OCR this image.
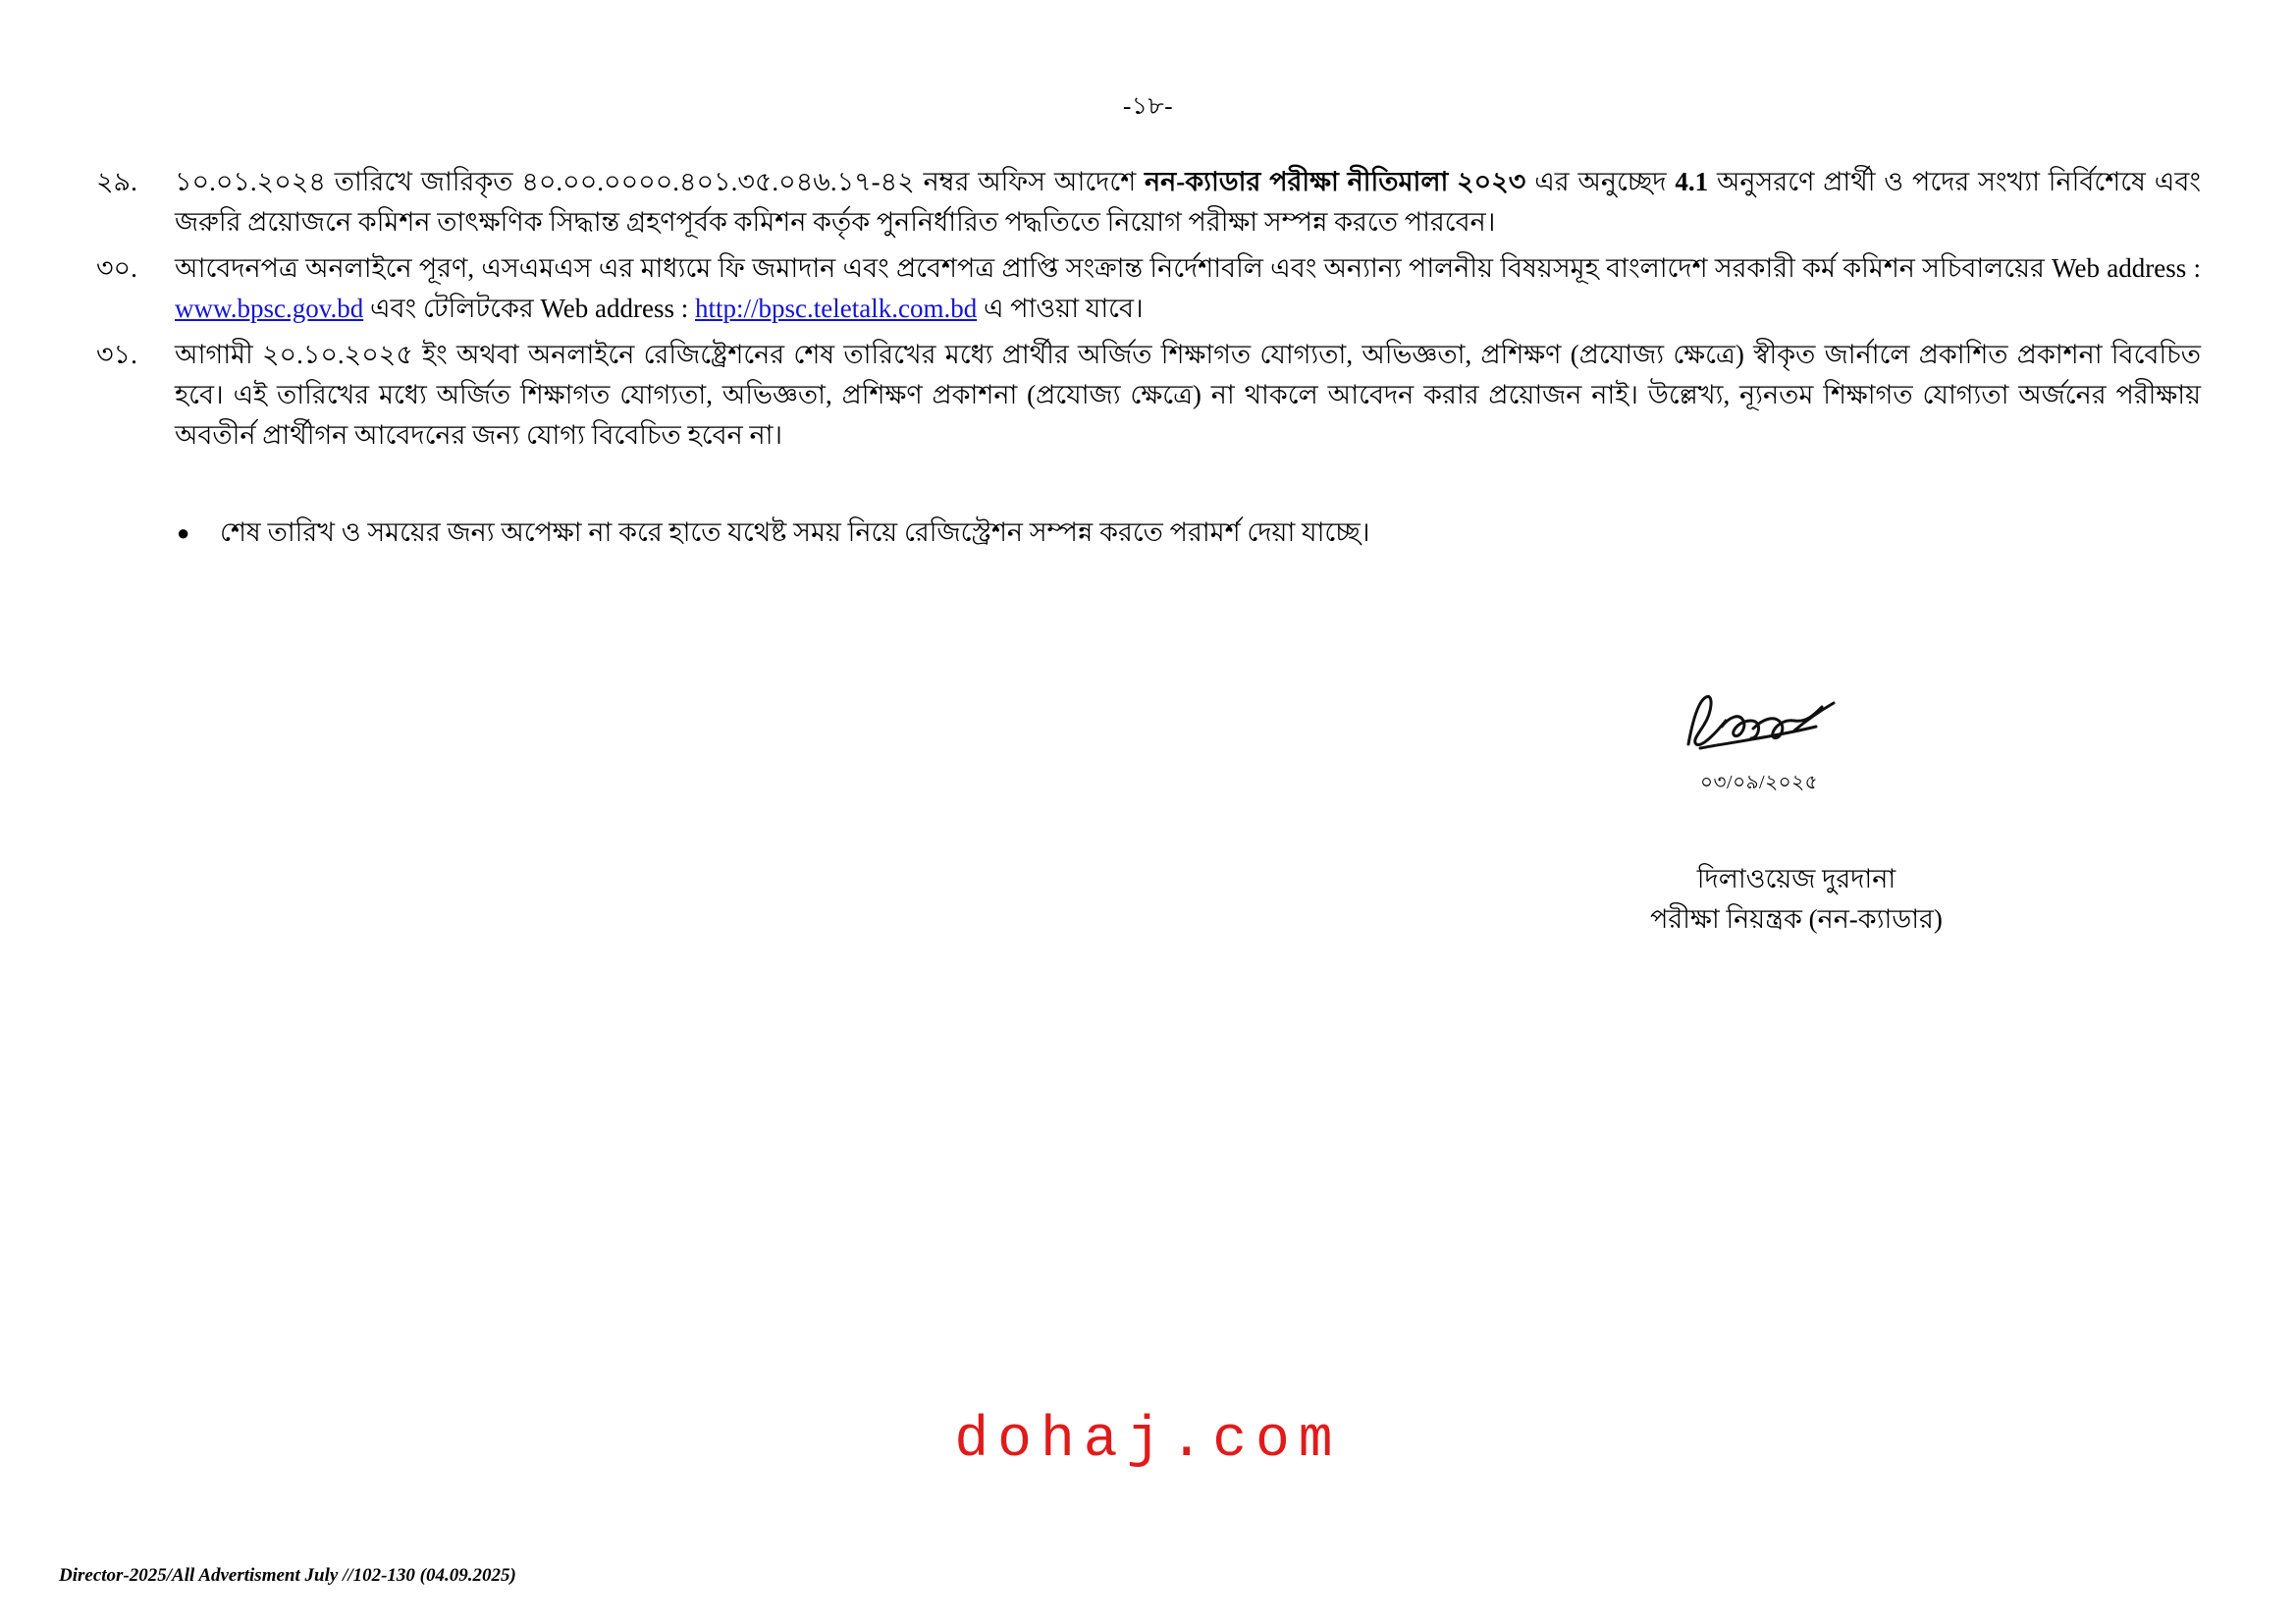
-১৮-
২৯.	১০.০১.২০২৪ তারিখে জারিকৃত ৪০.০০.০০০০.৪০১.৩৫.০৪৬.১৭-৪২ নম্বর অফিস আদেশে নন-ক্যাডার পরীক্ষা নীতিমালা ২০২৩ এর অনুচ্ছেদ 4.1 অনুসরণে প্রার্থী ও পদের সংখ্যা নির্বিশেষে এবং জরুরি প্রয়োজনে কমিশন তাৎক্ষণিক সিদ্ধান্ত গ্রহণপূর্বক কমিশন কর্তৃক পুননির্ধারিত পদ্ধতিতে নিয়োগ পরীক্ষা সম্পন্ন করতে পারবেন।
৩০.	আবেদনপত্র অনলাইনে পূরণ, এসএমএস এর মাধ্যমে ফি জমাদান এবং প্রবেশপত্র প্রাপ্তি সংক্রান্ত নির্দেশাবলি এবং অন্যান্য পালনীয় বিষয়সমূহ বাংলাদেশ সরকারী কর্ম কমিশন সচিবালয়ের Web address : www.bpsc.gov.bd এবং টেলিটকের Web address : http://bpsc.teletalk.com.bd এ পাওয়া যাবে।
৩১.	আগামী ২০.১০.২০২৫ ইং অথবা অনলাইনে রেজিষ্ট্রেশনের শেষ তারিখের মধ্যে প্রার্থীর অর্জিত শিক্ষাগত যোগ্যতা, অভিজ্ঞতা, প্রশিক্ষণ (প্রযোজ্য ক্ষেত্রে) স্বীকৃত জার্নালে প্রকাশিত প্রকাশনা বিবেচিত হবে। এই তারিখের মধ্যে অর্জিত শিক্ষাগত যোগ্যতা, অভিজ্ঞতা, প্রশিক্ষণ প্রকাশনা (প্রযোজ্য ক্ষেত্রে) না থাকলে আবেদন করার প্রয়োজন নাই। উল্লেখ্য, ন্যূনতম শিক্ষাগত যোগ্যতা অর্জনের পরীক্ষায় অবতীর্ন প্রার্থীগন আবেদনের জন্য যোগ্য বিবেচিত হবেন না।
●	শেষ তারিখ ও সময়ের জন্য অপেক্ষা না করে হাতে যথেষ্ট সময় নিয়ে রেজিস্ট্রেশন সম্পন্ন করতে পরামর্শ দেয়া যাচ্ছে।
০৩/০৯/২০২৫
দিলাওয়েজ দুরদানা
পরীক্ষা নিয়ন্ত্রক (নন-ক্যাডার)
dohaj.com
Director-2025/All Advertisment July //102-130 (04.09.2025)
